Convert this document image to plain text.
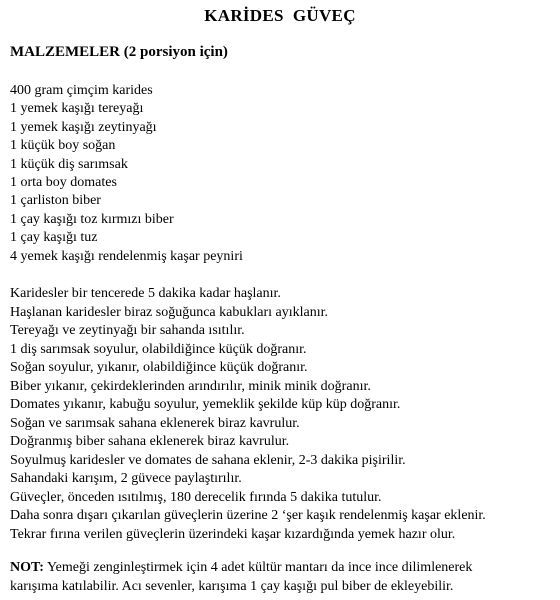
KARİDES  GÜVEÇ
MALZEMELER (2 porsiyon için)
400 gram çimçim karides
1 yemek kaşığı tereyağı
1 yemek kaşığı zeytinyağı
1 küçük boy soğan
1 küçük diş sarımsak
1 orta boy domates
1 çarliston biber
1 çay kaşığı toz kırmızı biber
1 çay kaşığı tuz
4 yemek kaşığı rendelenmiş kaşar peyniri
Karidesler bir tencerede 5 dakika kadar haşlanır.
Haşlanan karidesler biraz soğuğunca kabukları ayıklanır.
Tereyağı ve zeytinyağı bir sahanda ısıtılır.
1 diş sarımsak soyulur, olabildiğince küçük doğranır.
Soğan soyulur, yıkanır, olabildiğince küçük doğranır.
Biber yıkanır, çekirdeklerinden arındırılır, minik minik doğranır.
Domates yıkanır, kabuğu soyulur, yemeklik şekilde küp küp doğranır.
Soğan ve sarımsak sahana eklenerek biraz kavrulur.
Doğranmış biber sahana eklenerek biraz kavrulur.
Soyulmuş karidesler ve domates de sahana eklenir, 2-3 dakika pişirilir.
Sahandaki karışım, 2 güvece paylaştırılır.
Güveçler, önceden ısıtılmış, 180 derecelik fırında 5 dakika tutulur.
Daha sonra dışarı çıkarılan güveçlerin üzerine 2 ‘şer kaşık rendelenmiş kaşar eklenir.
Tekrar fırına verilen güveçlerin üzerindeki kaşar kızardığında yemek hazır olur.
NOT: Yemeği zenginleştirmek için 4 adet kültür mantarı da ince ince dilimlenerek
karışıma katılabilir. Acı sevenler, karışıma 1 çay kaşığı pul biber de ekleyebilir.
